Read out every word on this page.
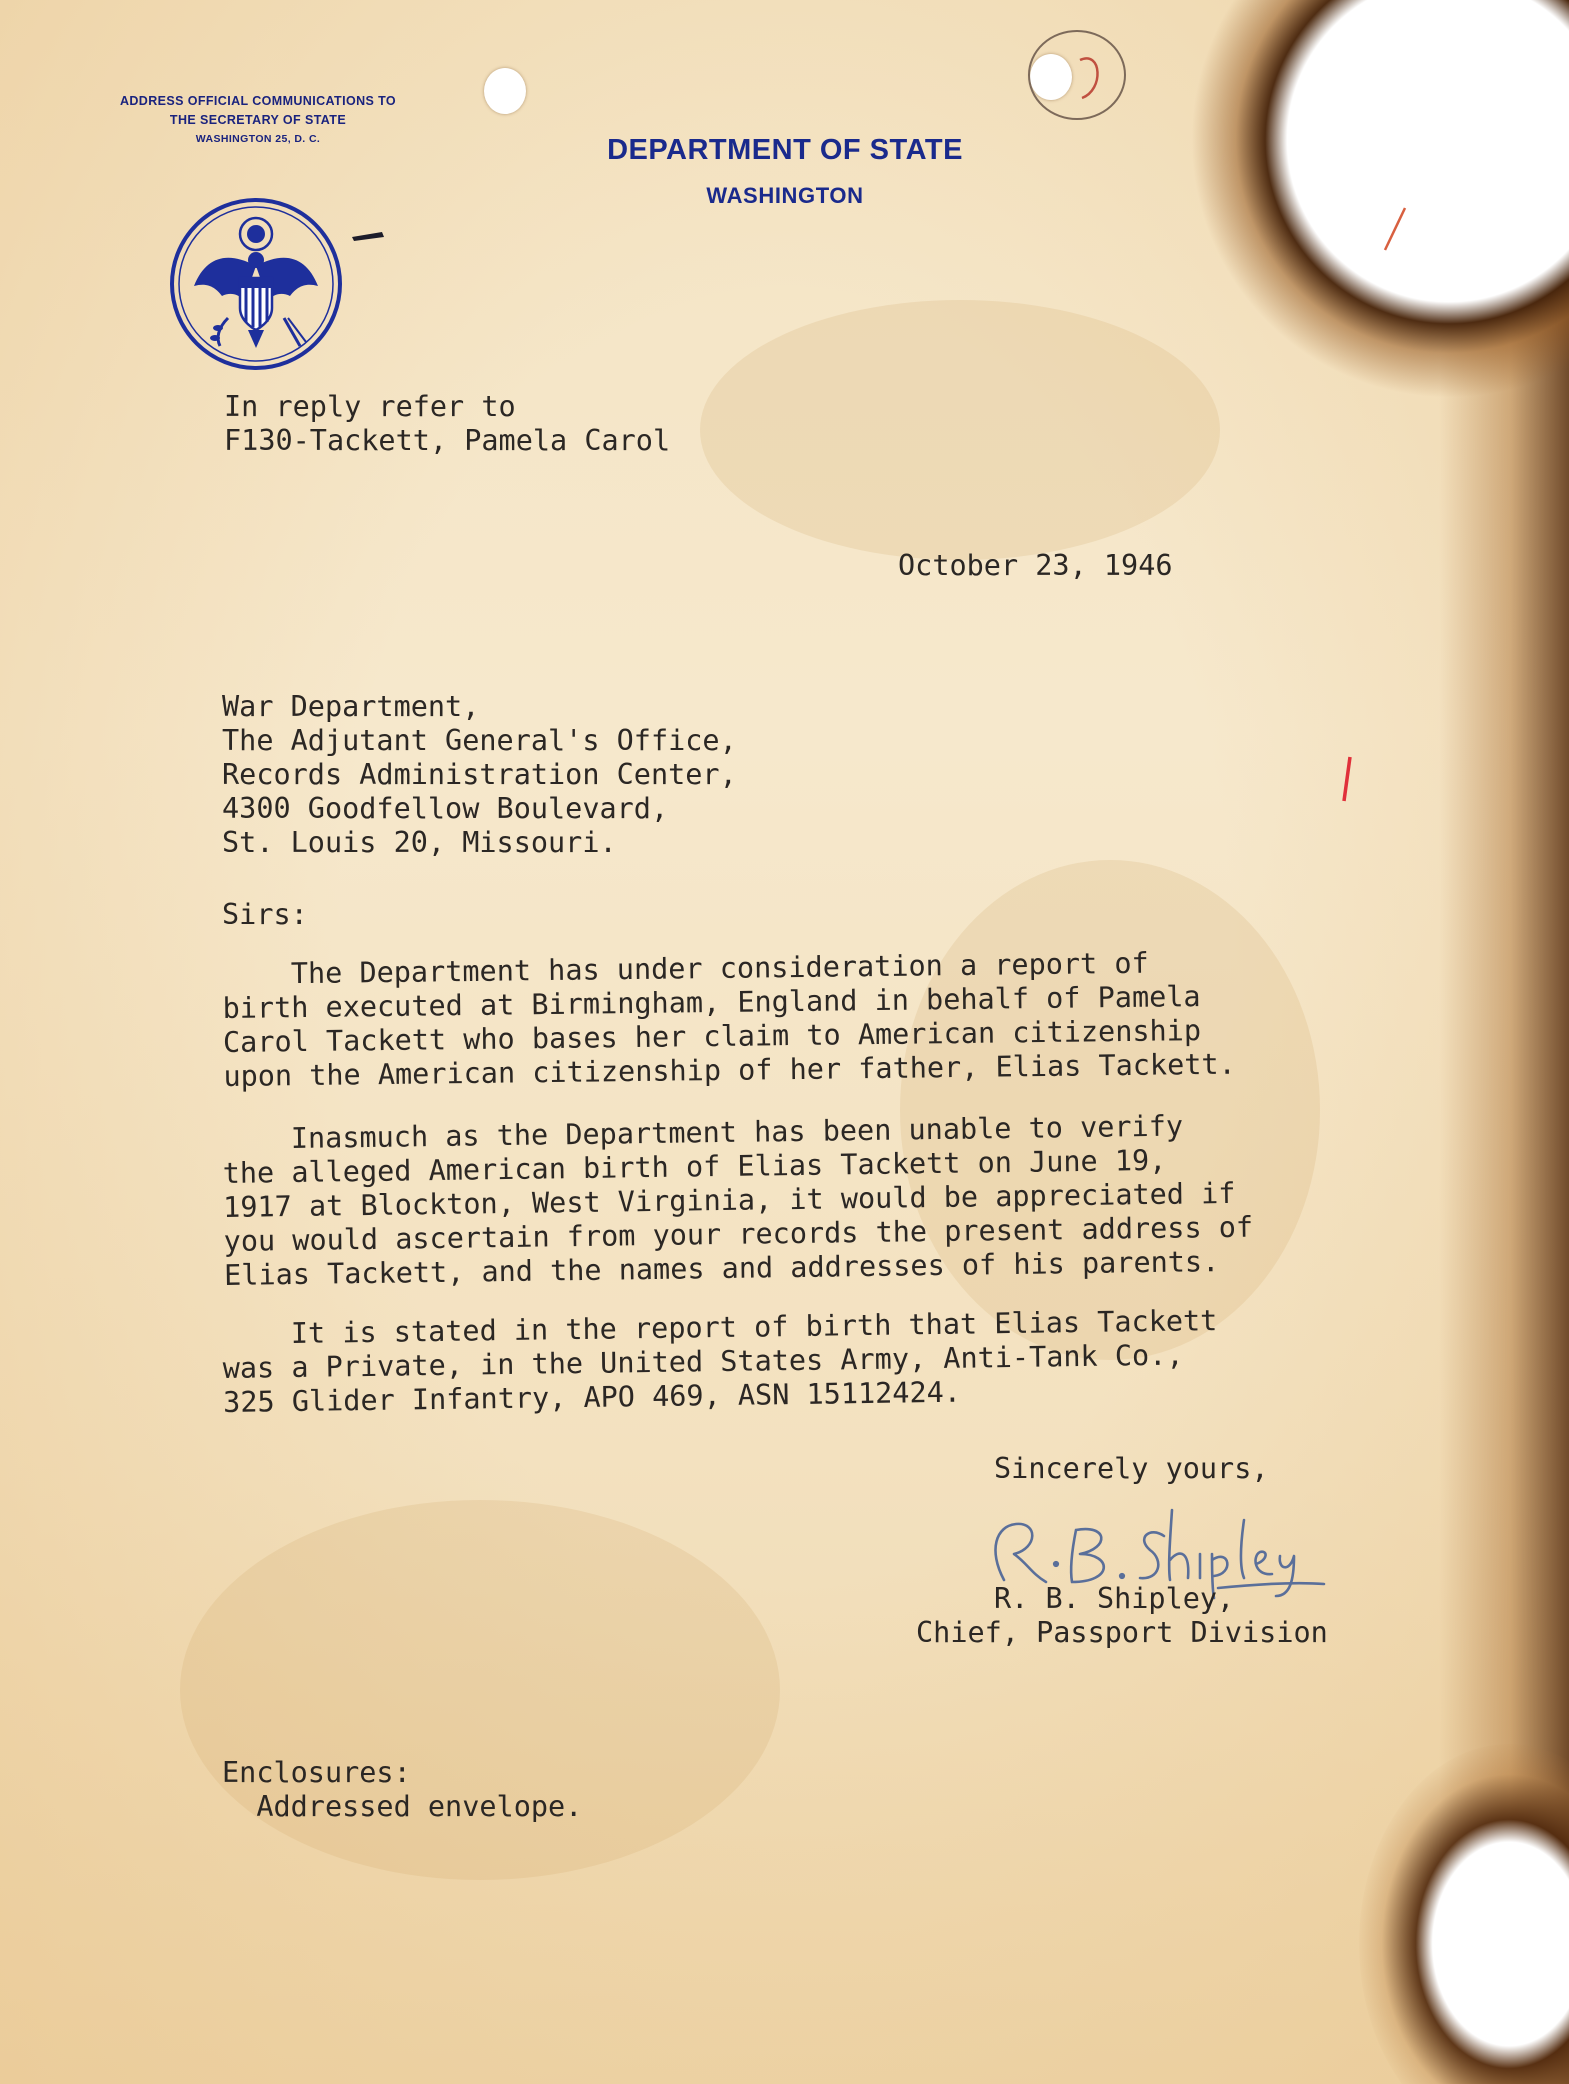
ADDRESS OFFICIAL COMMUNICATIONS TO
THE SECRETARY OF STATE
WASHINGTON 25, D. C.	DEPARTMENT OF STATE
WASHINGTON
In reply refer to
F130-Tackett, Pamela Carol
October 23, 1946
War Department,
The Adjutant General's Office,
Records Administration Center,
4300 Goodfellow Boulevard,
St. Louis 20, Missouri.
Sirs:
The Department has under consideration a report of
birth executed at Birmingham, England in behalf of Pamela
Carol Tackett who bases her claim to American citizenship
upon the American citizenship of her father, Elias Tackett.
Inasmuch as the Department has been unable to verify
the alleged American birth of Elias Tackett on June 19,
1917 at Blockton, West Virginia, it would be appreciated if
you would ascertain from your records the present address of
Elias Tackett, and the names and addresses of his parents.
It is stated in the report of birth that Elias Tackett
was a Private, in the United States Army, Anti-Tank Co.,
325 Glider Infantry, APO 469, ASN 15112424.
Sincerely yours,
R. B. Shipley,
Chief, Passport Division
Enclosures:
Addressed envelope.
